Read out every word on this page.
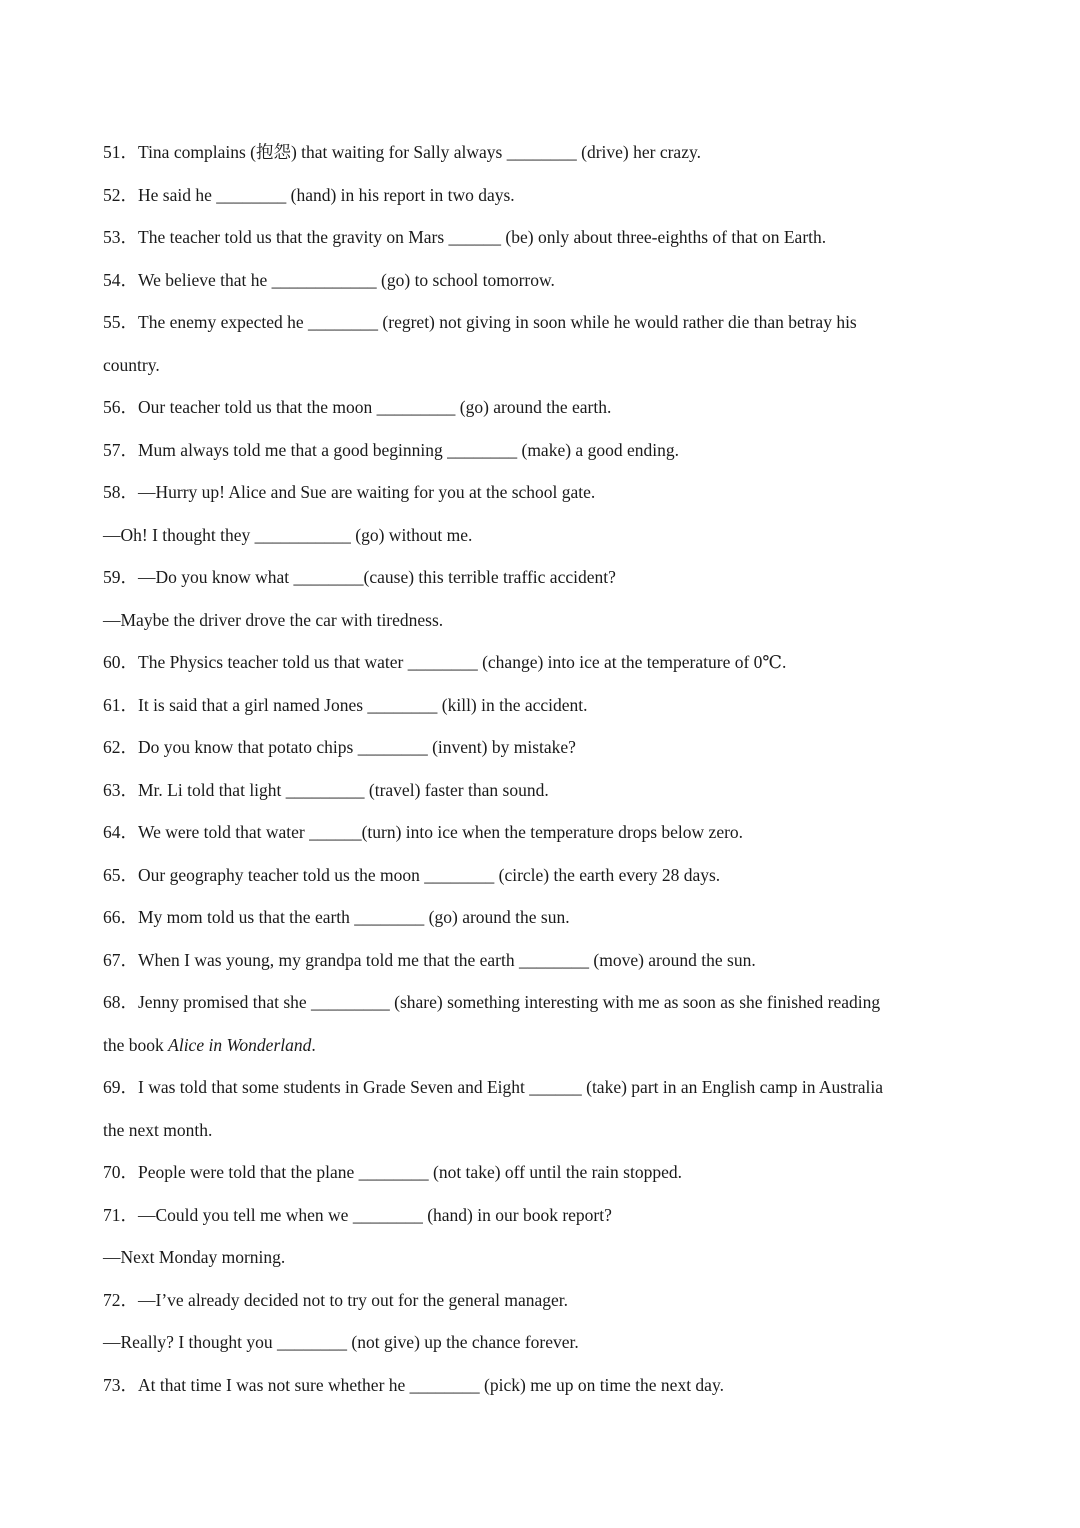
51．Tina complains (抱怨) that waiting for Sally always ________ (drive) her crazy.
52．He said he ________ (hand) in his report in two days.
53．The teacher told us that the gravity on Mars ______ (be) only about three-eighths of that on Earth.
54．We believe that he ____________ (go) to school tomorrow.
55．The enemy expected he ________ (regret) not giving in soon while he would rather die than betray his
country.
56．Our teacher told us that the moon _________ (go) around the earth.
57．Mum always told me that a good beginning ________ (make) a good ending.
58．—Hurry up! Alice and Sue are waiting for you at the school gate.
—Oh! I thought they ___________ (go) without me.
59．—Do you know what ________(cause) this terrible traffic accident?
—Maybe the driver drove the car with tiredness.
60．The Physics teacher told us that water ________ (change) into ice at the temperature of 0℃.
61．It is said that a girl named Jones ________ (kill) in the accident.
62．Do you know that potato chips ________ (invent) by mistake?
63．Mr. Li told that light _________ (travel) faster than sound.
64．We were told that water ______(turn) into ice when the temperature drops below zero.
65．Our geography teacher told us the moon ________ (circle) the earth every 28 days.
66．My mom told us that the earth ________ (go) around the sun.
67．When I was young, my grandpa told me that the earth ________ (move) around the sun.
68．Jenny promised that she _________ (share) something interesting with me as soon as she finished reading
the book Alice in Wonderland.
69．I was told that some students in Grade Seven and Eight ______ (take) part in an English camp in Australia
the next month.
70．People were told that the plane ________ (not take) off until the rain stopped.
71．—Could you tell me when we ________ (hand) in our book report?
—Next Monday morning.
72．—I’ve already decided not to try out for the general manager.
—Really? I thought you ________ (not give) up the chance forever.
73．At that time I was not sure whether he ________ (pick) me up on time the next day.
